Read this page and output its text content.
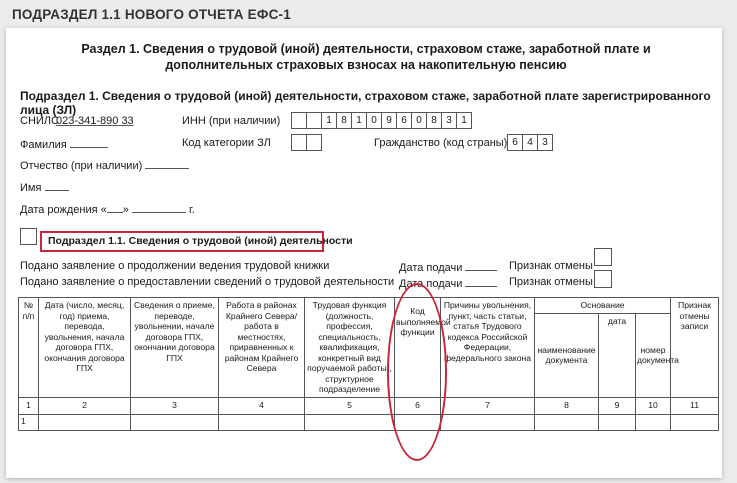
ПОДРАЗДЕЛ 1.1 НОВОГО ОТЧЕТА ЕФС-1
Раздел 1. Сведения о трудовой (иной) деятельности, страховом стаже, заработной плате и дополнительных страховых взносах на накопительную пенсию
Подраздел 1. Сведения о трудовой (иной) деятельности, страховом стаже, заработной плате зарегистрированного лица (ЗЛ)
СНИЛС
023-341-890 33	ИНН (при наличии)	1 8 1 0 9 6 0 8 3 1
Фамилия	Код категории ЗЛ	Гражданство (код страны) 6 4 3
Отчество (при наличии)
Имя
Дата рождения « »	г.
Подраздел 1.1. Сведения о трудовой (иной) деятельности
Подано заявление о продолжении ведения трудовой книжки
Подано заявление о предоставлении сведений о трудовой деятельности
Дата подачи
Дата подачи
Признак отмены
Признак отмены
№ п/п	Дата (число, месяц, год) приема, перевода, увольнения, начала договора ГПХ, окончания договора ГПХ	Сведения о приеме, переводе, увольнении, начале договора ГПХ, окончании договора ГПХ	Работа в районах Крайнего Севера/ работа в местностях, приравненных к районам Крайнего Севера	Трудовая функция (должность, профессия, специальность, квалификация, конкретный вид поручаемой работы), структурное подразделение	Код выполняемой функции	Причины увольнения, пункт, часть статьи, статья Трудового кодекса Российской Федерации, федерального закона	Основание			Признак отмены записи
							наименование документа	дата	номер документа	
1	2	3	4	5	6	7	8	9	10	11
1										
